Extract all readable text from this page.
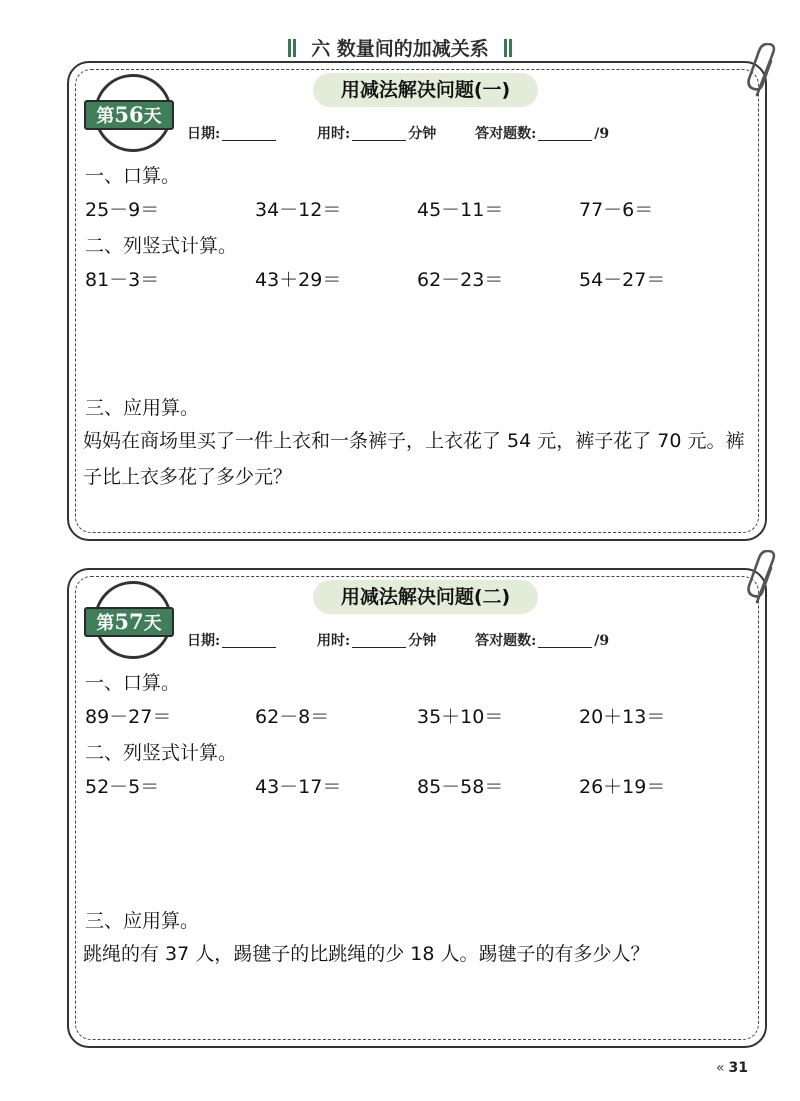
六 数量间的加减关系
用减法解决问题(一)
第56天
日期:	用时:	分钟	答对题数:	/9
一、口算。
25－9＝	34－12＝	45－11＝	77－6＝
二、列竖式计算。
81－3＝	43＋29＝	62－23＝	54－27＝
三、应用算。
妈妈在商场里买了一件上衣和一条裤子，上衣花了 54 元，裤子花了 70 元。裤子比上衣多花了多少元？
用减法解决问题(二)
第57天
日期:	用时:	分钟	答对题数:	/9
一、口算。
89－27＝	62－8＝	35＋10＝	20＋13＝
二、列竖式计算。
52－5＝	43－17＝	85－58＝	26＋19＝
三、应用算。
跳绳的有 37 人，踢毽子的比跳绳的少 18 人。踢毽子的有多少人？
« 31
